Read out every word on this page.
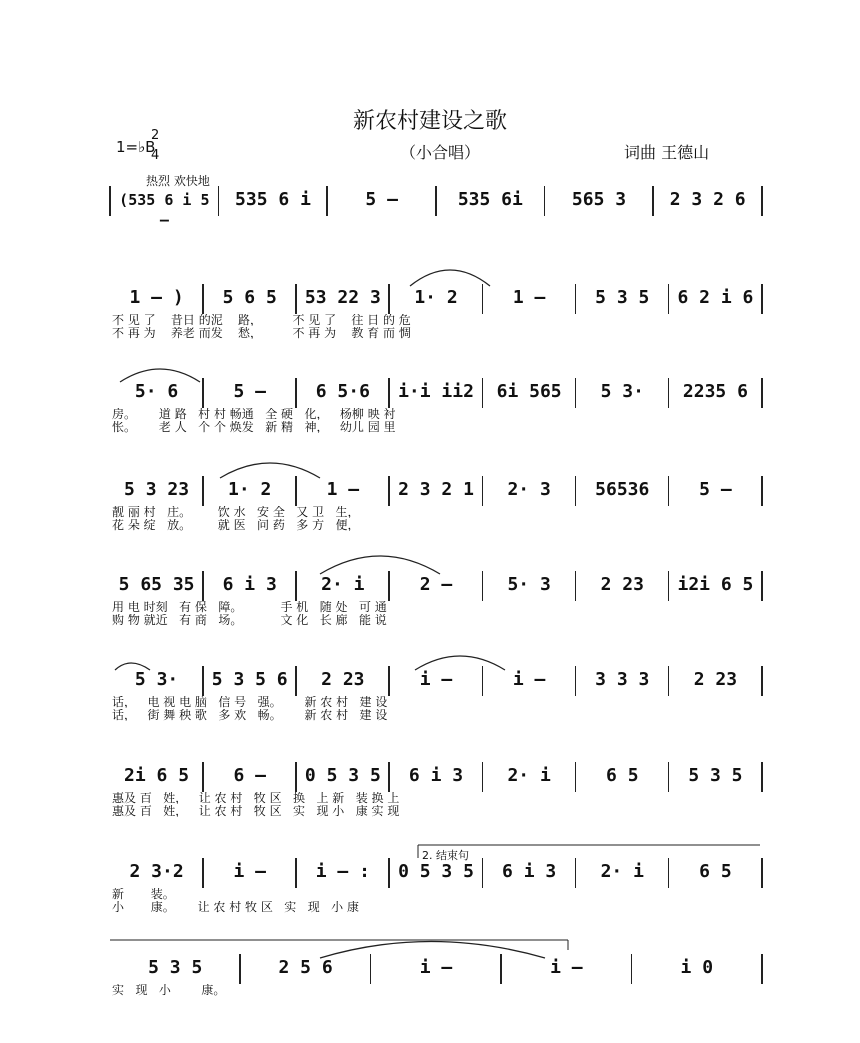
新农村建设之歌
（小合唱）	词曲 王德山
1=♭B
2
4
热烈 欢快地
(535 6 i 5 –
535 6 i	5 –	535 6i	565 3	2 3 2 6
1 – )	5 6 5	53 22 3	1· 2	1 –	5 3 5	6 2 i 6
不 见 了    昔日 的泥    路，        不 见 了    往 日 的 危
不 再 为    养老 而发    愁，        不 再 为    教 育 而 惆
5· 6	5 –	6 5·6	i·i ii2	6i 565	5 3·	2235 6
房。      道 路   村 村 畅通   全 硬   化，   杨柳 映 衬
怅。      老 人   个 个 焕发   新 精   神，   幼儿 园 里
5 3 23	1· 2	1 –	2 3 2 1	2· 3	56536	5 –
靓 丽 村   庄。       饮 水   安 全   又 卫   生，
花 朵 绽   放。       就 医   问 药   多 方   便，
5 65 35	6 i 3	2· i	2 –	5· 3	2 23	i2i 6 5
用 电 时刻   有 保   障。          手 机   随 处   可 通
购 物 就近   有 商   场。          文 化   长 廊   能 说
5 3·	5 3 5 6	2 23	i –	i –	3 3 3	2 23
话，   电 视 电 脑   信 号   强。      新 农 村   建 设
话，   街 舞 秧 歌   多 欢   畅。      新 农 村   建 设
2i 6 5	6 –	0 5 3 5	6 i 3	2· i	6 5	5 3 5
惠及 百   姓，   让 农 村   牧 区   换   上 新   装 换 上
惠及 百   姓，   让 农 村   牧 区   实   现 小   康 实 现
2 3·2	i –	i – :	0 5 3 5	6 i 3	2· i	6 5
新       装。
小       康。      让 农 村 牧 区   实   现   小 康
5 3 5	2 5 6	i –	i –	i 0
实   现   小        康。
2. 结束句
